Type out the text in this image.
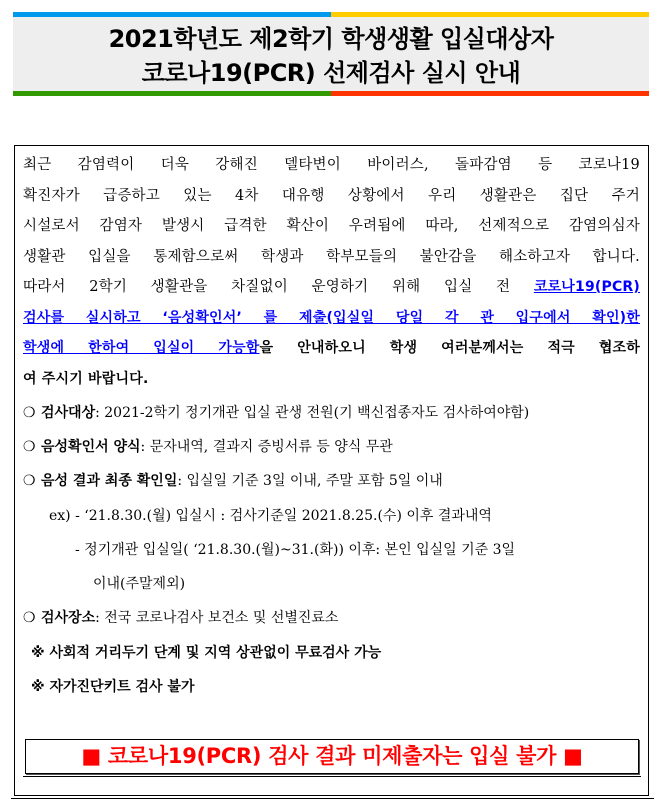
2021학년도 제2학기 학생생활 입실대상자
코로나19(PCR) 선제검사 실시 안내
최근 감염력이 더욱 강해진 델타변이 바이러스, 돌파감염 등 코로나19
확진자가 급증하고 있는 4차 대유행 상황에서 우리 생활관은 집단 주거
시설로서 감염자 발생시 급격한 확산이 우려됨에 따라, 선제적으로 감염의심자
생활관 입실을 통제함으로써 학생과 학부모들의 불안감을 해소하고자 합니다.
따라서 2학기 생활관을 차질없이 운영하기 위해 입실 전 코로나19(PCR)
검사를 실시하고 ‘음성확인서’ 를 제출(입실일 당일 각 관 입구에서 확인)한
학생에 한하여 입실이 가능함을 안내하오니 학생 여러분께서는 적극 협조하
여 주시기 바랍니다.
❍ 검사대상: 2021-2학기 정기개관 입실 관생 전원(기 백신접종자도 검사하여야함)
❍ 음성확인서 양식: 문자내역, 결과지 증빙서류 등 양식 무관
❍ 음성 결과 최종 확인일: 입실일 기준 3일 이내, 주말 포함 5일 이내
ex) - ‘21.8.30.(월) 입실시 : 검사기준일 2021.8.25.(수) 이후 결과내역
- 정기개관 입실일( ‘21.8.30.(월)~31.(화)) 이후: 본인 입실일 기준 3일
이내(주말제외)
❍ 검사장소: 전국 코로나검사 보건소 및 선별진료소
※ 사회적 거리두기 단계 및 지역 상관없이 무료검사 가능
※ 자가진단키트 검사 불가
■ 코로나19(PCR) 검사 결과 미제출자는 입실 불가 ■
